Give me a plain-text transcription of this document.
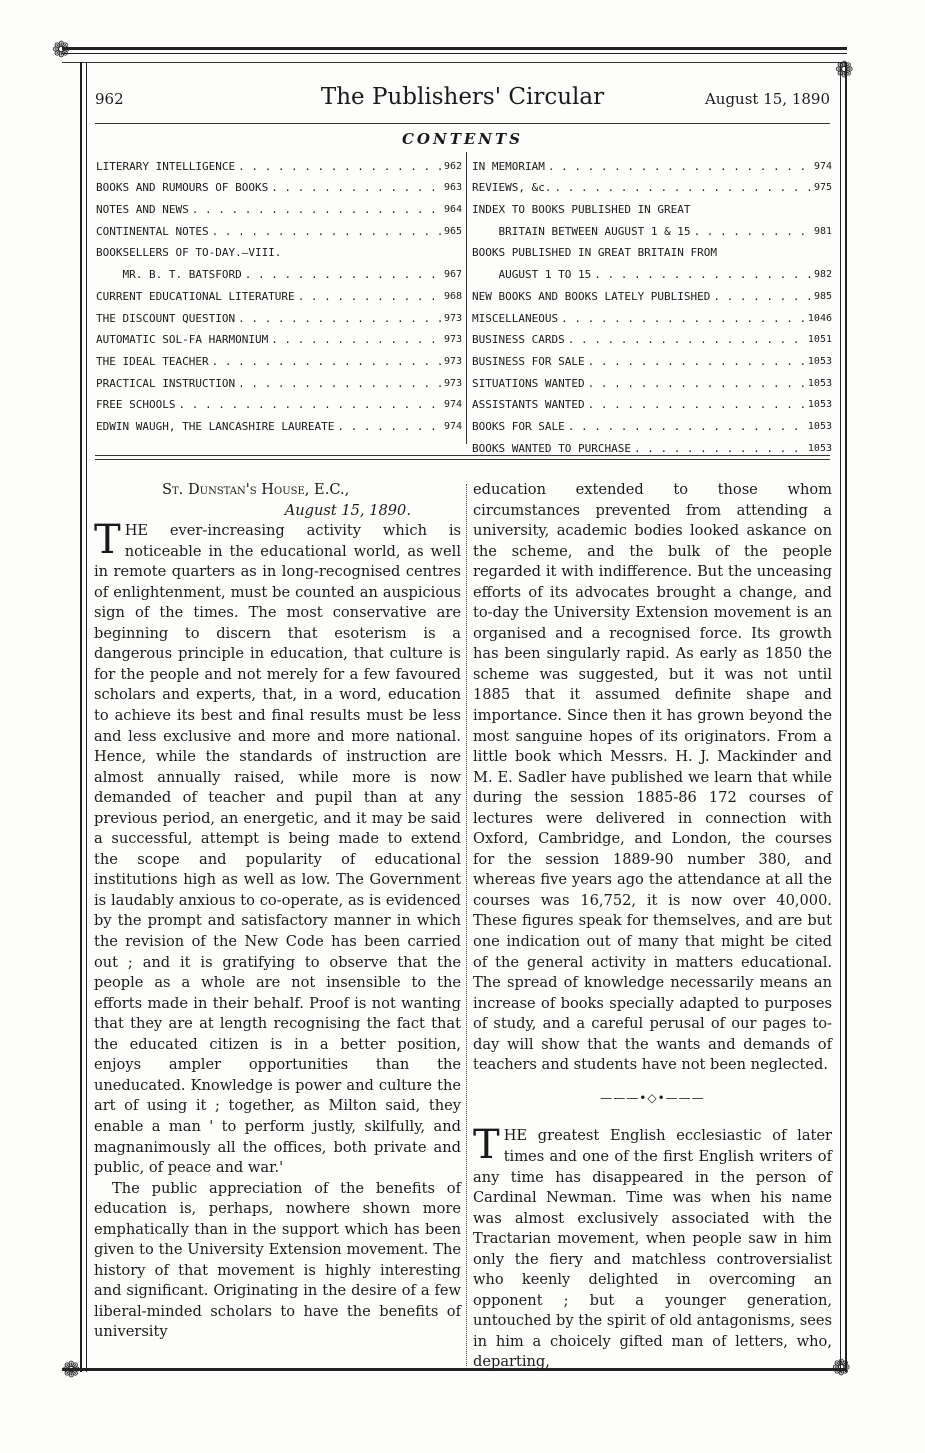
❁
❁
❁	❁
962	The Publishers' Circular	August 15, 1890
CONTENTS
LITERARY INTELLIGENCE . . .	962
BOOKS AND RUMOURS OF BOOKS . . .	963
NOTES AND NEWS . . .	964
CONTINENTAL NOTES . . .	965
BOOKSELLERS OF TO-DAY.—VIII.
MR. B. T. BATSFORD . . .	967
CURRENT EDUCATIONAL LITERATURE . . .	968
THE DISCOUNT QUESTION . . .	973
AUTOMATIC SOL-FA HARMONIUM . . .	973
THE IDEAL TEACHER . . .	973
PRACTICAL INSTRUCTION . . .	973
FREE SCHOOLS . . .	974
EDWIN WAUGH, THE LANCASHIRE LAUREATE . . .	974
IN MEMORIAM . . .	974
REVIEWS, &c. . . .	975
INDEX TO BOOKS PUBLISHED IN GREAT
BRITAIN BETWEEN AUGUST 1 & 15 . . .	981
BOOKS PUBLISHED IN GREAT BRITAIN FROM
AUGUST 1 TO 15 . . .	982
NEW BOOKS AND BOOKS LATELY PUBLISHED . . .	985
MISCELLANEOUS . . .	1046
BUSINESS CARDS . . .	1051
BUSINESS FOR SALE . . .	1053
SITUATIONS WANTED . . .	1053
ASSISTANTS WANTED . . .	1053
BOOKS FOR SALE . . .	1053
BOOKS WANTED TO PURCHASE . . .	1053
St. Dunstan's House, E.C.,
August 15, 1890.

THE ever-increasing activity which is noticeable in the educational world, as well in remote quarters as in long-recognised centres of enlightenment, must be counted an auspicious sign of the times. The most conservative are beginning to discern that esoterism is a dangerous principle in education, that culture is for the people and not merely for a few favoured scholars and experts, that, in a word, education to achieve its best and final results must be less and less exclusive and more and more national. Hence, while the standards of instruction are almost annually raised, while more is now demanded of teacher and pupil than at any previous period, an energetic, and it may be said a successful, attempt is being made to extend the scope and popularity of educational institutions high as well as low. The Government is laudably anxious to co-operate, as is evidenced by the prompt and satisfactory manner in which the revision of the New Code has been carried out ; and it is gratifying to observe that the people as a whole are not insensible to the efforts made in their behalf. Proof is not wanting that they are at length recognising the fact that the educated citizen is in a better position, enjoys ampler opportunities than the uneducated. Knowledge is power and culture the art of using it ; together, as Milton said, they enable a man ' to perform justly, skilfully, and magnanimously all the offices, both private and public, of peace and war.'

The public appreciation of the benefits of education is, perhaps, nowhere shown more emphatically than in the support which has been given to the University Extension movement. The history of that movement is highly interesting and significant. Originating in the desire of a few liberal-minded scholars to have the benefits of university

education extended to those whom circumstances prevented from attending a university, academic bodies looked askance on the scheme, and the bulk of the people regarded it with indifference. But the unceasing efforts of its advocates brought a change, and to-day the University Extension movement is an organised and a recognised force. Its growth has been singularly rapid. As early as 1850 the scheme was suggested, but it was not until 1885 that it assumed definite shape and importance. Since then it has grown beyond the most sanguine hopes of its originators. From a little book which Messrs. H. J. Mackinder and M. E. Sadler have published we learn that while during the session 1885-86 172 courses of lectures were delivered in connection with Oxford, Cambridge, and London, the courses for the session 1889-90 number 380, and whereas five years ago the attendance at all the courses was 16,752, it is now over 40,000. These figures speak for themselves, and are but one indication out of many that might be cited of the general activity in matters educational. The spread of knowledge necessarily means an increase of books specially adapted to purposes of study, and a careful perusal of our pages to-day will show that the wants and demands of teachers and students have not been neglected.

———•◇•———

THE greatest English ecclesiastic of later times and one of the first English writers of any time has disappeared in the person of Cardinal Newman. Time was when his name was almost exclusively associated with the Tractarian movement, when people saw in him only the fiery and matchless controversialist who keenly delighted in overcoming an opponent ; but a younger generation, untouched by the spirit of old antagonisms, sees in him a choicely gifted man of letters, who, departing,
